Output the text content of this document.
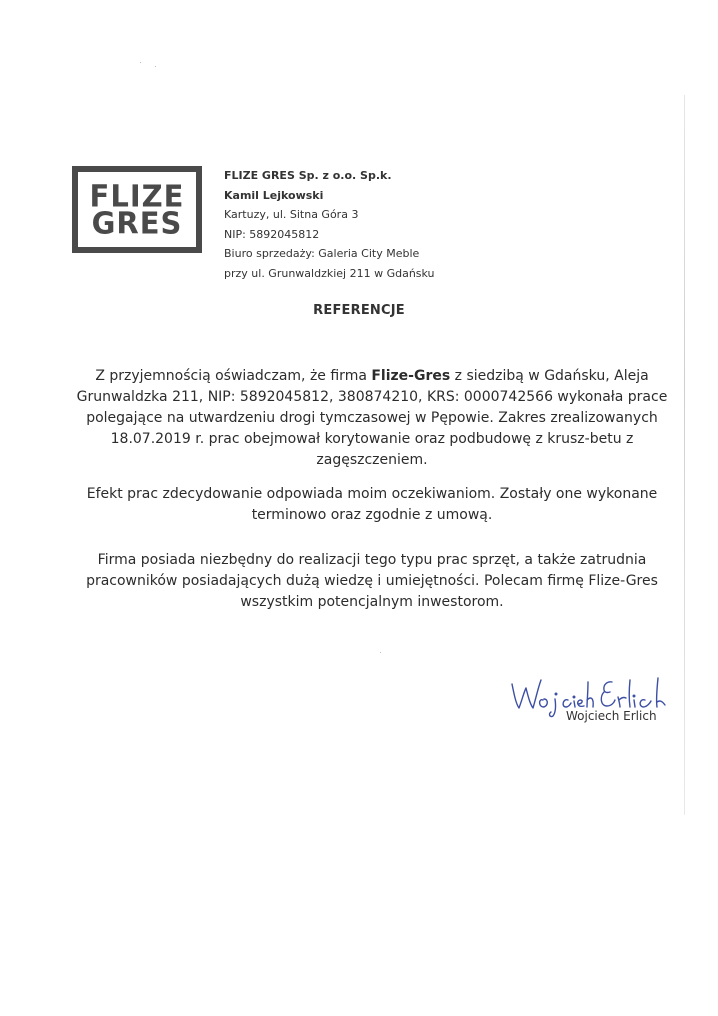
FLIZE
GRES
FLIZE GRES Sp. z o.o. Sp.k.
Kamil Lejkowski
Kartuzy, ul. Sitna Góra 3
NIP: 5892045812
Biuro sprzedaży: Galeria City Meble
przy ul. Grunwaldzkiej 211 w Gdańsku
REFERENCJE
Z przyjemnością oświadczam, że firma Flize-Gres z siedzibą w Gdańsku, Aleja Grunwaldzka 211, NIP: 5892045812, 380874210, KRS: 0000742566 wykonała prace polegające na utwardzeniu drogi tymczasowej w Pępowie. Zakres zrealizowanych 18.07.2019 r. prac obejmował korytowanie oraz podbudowę z krusz-betu z zagęszczeniem.
Efekt prac zdecydowanie odpowiada moim oczekiwaniom. Zostały one wykonane terminowo oraz zgodnie z umową.
Firma posiada niezbędny do realizacji tego typu prac sprzęt, a także zatrudnia pracowników posiadających dużą wiedzę i umiejętności. Polecam firmę Flize-Gres wszystkim potencjalnym inwestorom.
Wojciech Erlich
